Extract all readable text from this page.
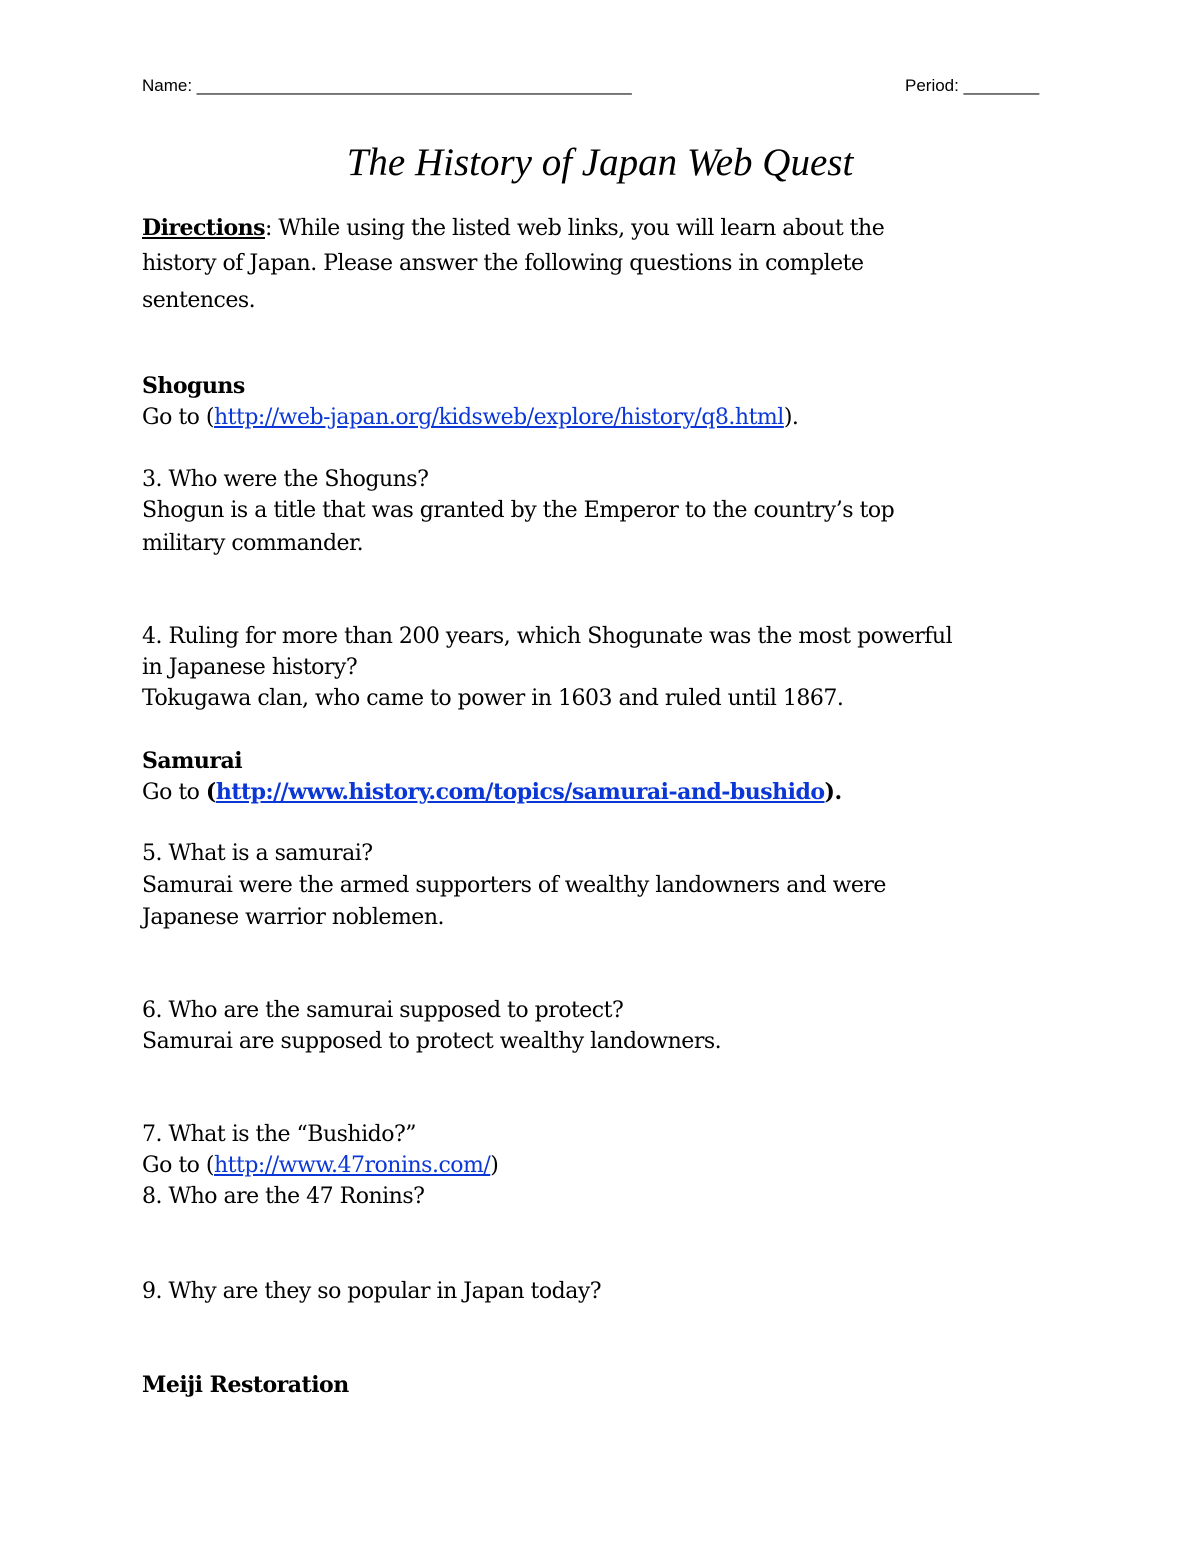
Name: ______________________________________________	Period: ________
The History of Japan Web Quest
Directions: While using the listed web links, you will learn about the
history of Japan. Please answer the following questions in complete
sentences.
Shoguns
Go to (http://web-japan.org/kidsweb/explore/history/q8.html).
3. Who were the Shoguns?
Shogun is a title that was granted by the Emperor to the country’s top
military commander.
4. Ruling for more than 200 years, which Shogunate was the most powerful
in Japanese history?
Tokugawa clan, who came to power in 1603 and ruled until 1867.
Samurai
Go to (http://www.history.com/topics/samurai-and-bushido).
5. What is a samurai?
Samurai were the armed supporters of wealthy landowners and were
Japanese warrior noblemen.
6. Who are the samurai supposed to protect?
Samurai are supposed to protect wealthy landowners.
7. What is the “Bushido?”
Go to (http://www.47ronins.com/)
8. Who are the 47 Ronins?
9. Why are they so popular in Japan today?
Meiji Restoration
